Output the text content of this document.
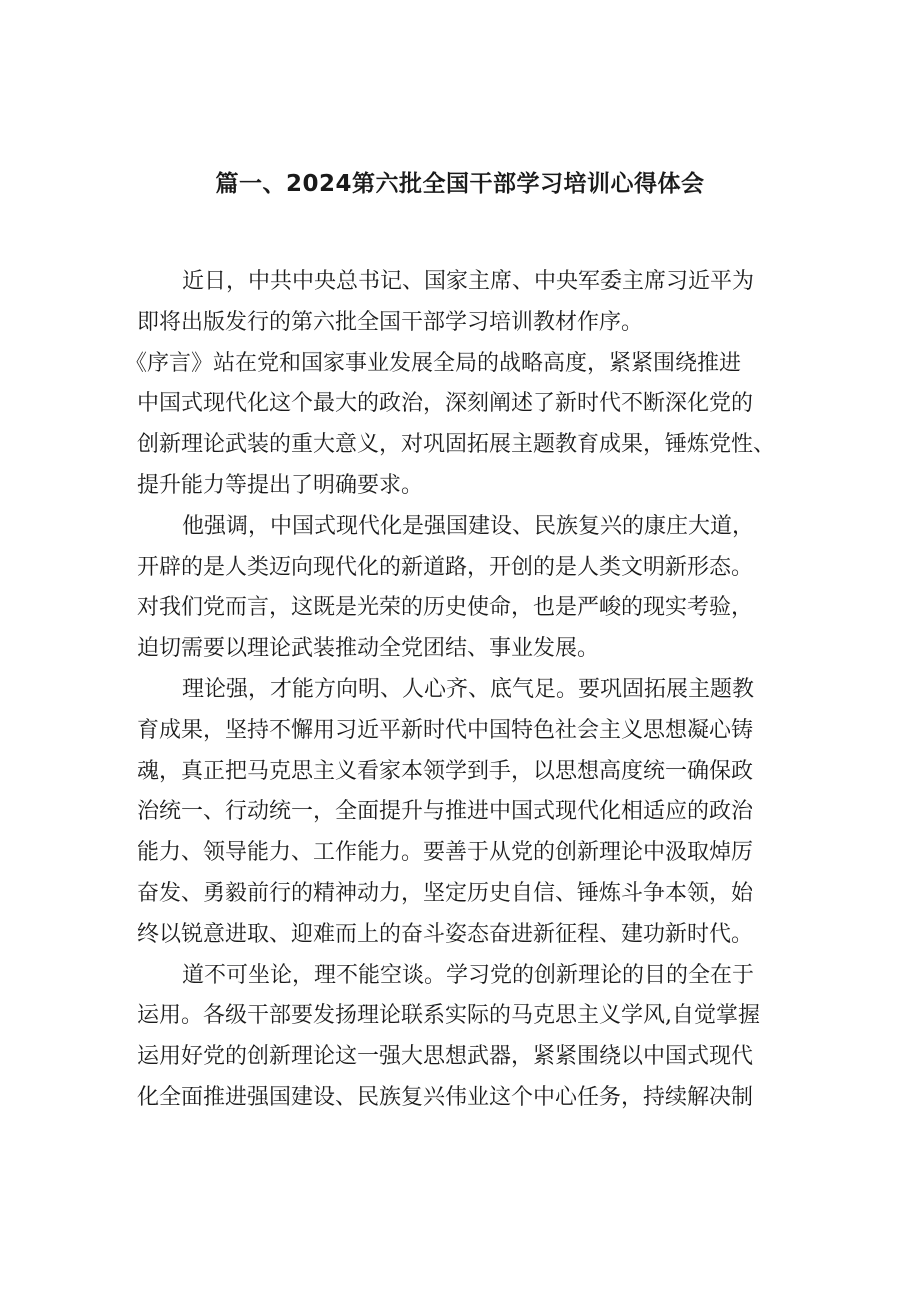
篇一、2024第六批全国干部学习培训心得体会
近日，中共中央总书记、国家主席、中央军委主席习近平为
即将出版发行的第六批全国干部学习培训教材作序。
《序言》站在党和国家事业发展全局的战略高度，紧紧围绕推进
中国式现代化这个最大的政治，深刻阐述了新时代不断深化党的
创新理论武装的重大意义，对巩固拓展主题教育成果，锤炼党性、
提升能力等提出了明确要求。
他强调，中国式现代化是强国建设、民族复兴的康庄大道，
开辟的是人类迈向现代化的新道路，开创的是人类文明新形态。
对我们党而言，这既是光荣的历史使命，也是严峻的现实考验，
迫切需要以理论武装推动全党团结、事业发展。
理论强，才能方向明、人心齐、底气足。要巩固拓展主题教
育成果，坚持不懈用习近平新时代中国特色社会主义思想凝心铸
魂，真正把马克思主义看家本领学到手，以思想高度统一确保政
治统一、行动统一，全面提升与推进中国式现代化相适应的政治
能力、领导能力、工作能力。要善于从党的创新理论中汲取焯厉
奋发、勇毅前行的精神动力，坚定历史自信、锤炼斗争本领，始
终以锐意进取、迎难而上的奋斗姿态奋进新征程、建功新时代。
道不可坐论，理不能空谈。学习党的创新理论的目的全在于
运用。各级干部要发扬理论联系实际的马克思主义学风,自觉掌握
运用好党的创新理论这一强大思想武器，紧紧围绕以中国式现代
化全面推进强国建设、民族复兴伟业这个中心任务，持续解决制
